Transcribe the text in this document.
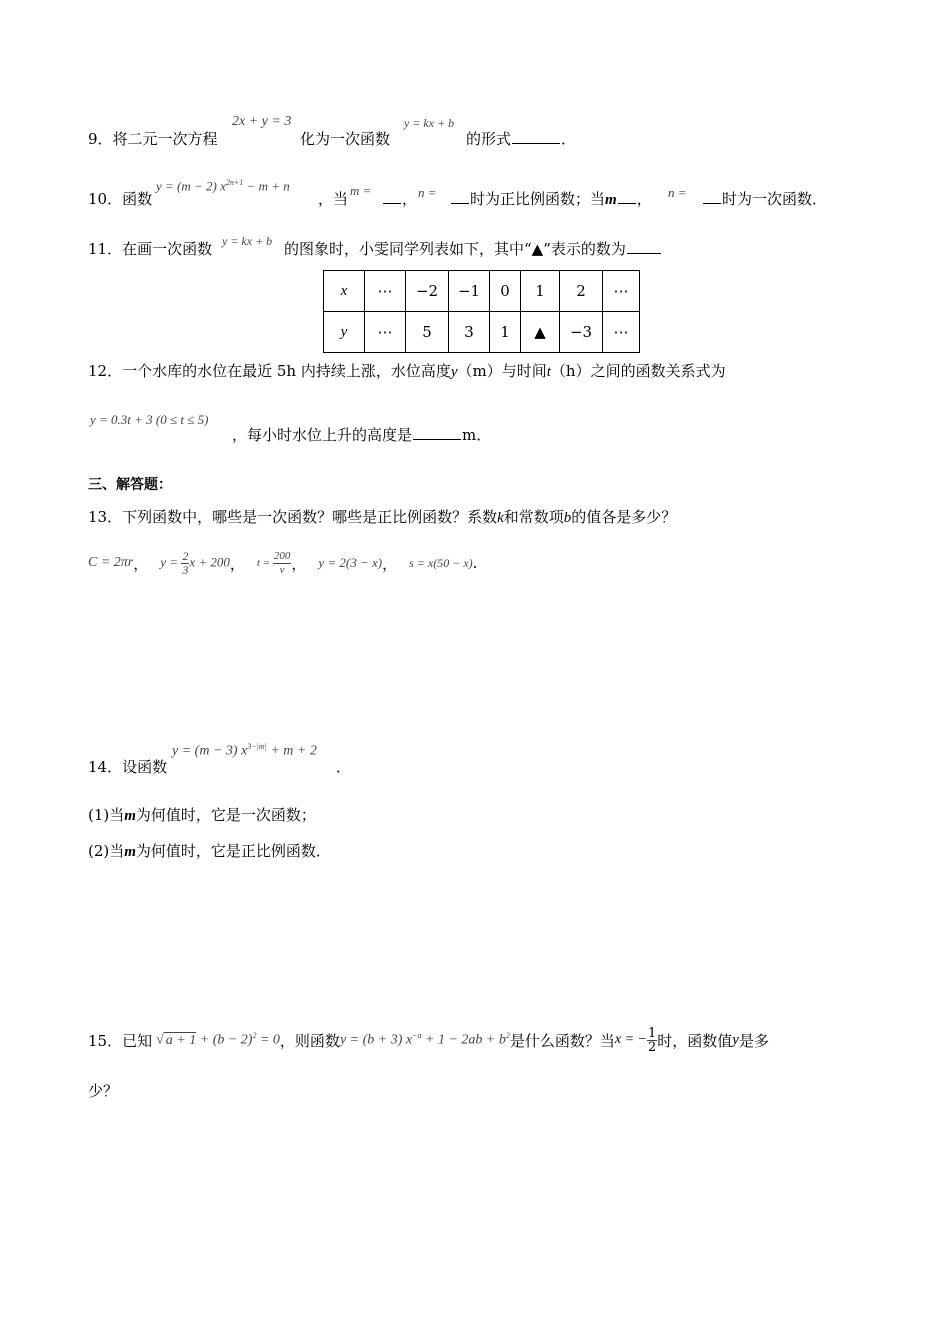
9．将二元一次方程
2x + y = 3
化为一次函数
y = kx + b
的形式	．
10．函数
y = (m − 2) $x^{2n+1} - m + n$
，当 m =	， n =	时为正比例函数；当m ， n =	时为一次函数．
11．在画一次函数 y = kx + b 的图象时，小雯同学列表如下，其中“▲”表示的数为
x	⋯	−2	−1	0	1	2	⋯
y	⋯	5	3	1	▲	−3	⋯
12．一个水库的水位在最近 5h 内持续上涨，水位高度y（m）与时间t（h）之间的函数关系式为
y = 0.3t + 3 (0 ≤ t ≤ 5)
，每小时水位上升的高度是	m．
三、解答题：
13．下列函数中，哪些是一次函数？哪些是正比例函数？系数k和常数项b的值各是多少？
C = 2πr ， $y = \frac{2}{3}$ x + 200 ， $t = \frac{200}{v}$ ， y = 2(3 − x) ， s = x(50 − x) .
14．设函数
y = (m − 3) $x^{3-|m|} + m + 2$
．
(1)当m为何值时，它是一次函数；
(2)当m为何值时，它是正比例函数．
15． 已知 √ $a + 1 + (b - 2)^2 = 0$ ，则函数 y = (b + 3) $x^{-a} + 1 - 2ab + b^2$ 是什么函数？当 x = − $\frac{1}{2}$ 时，函数值 y 是多
少？
